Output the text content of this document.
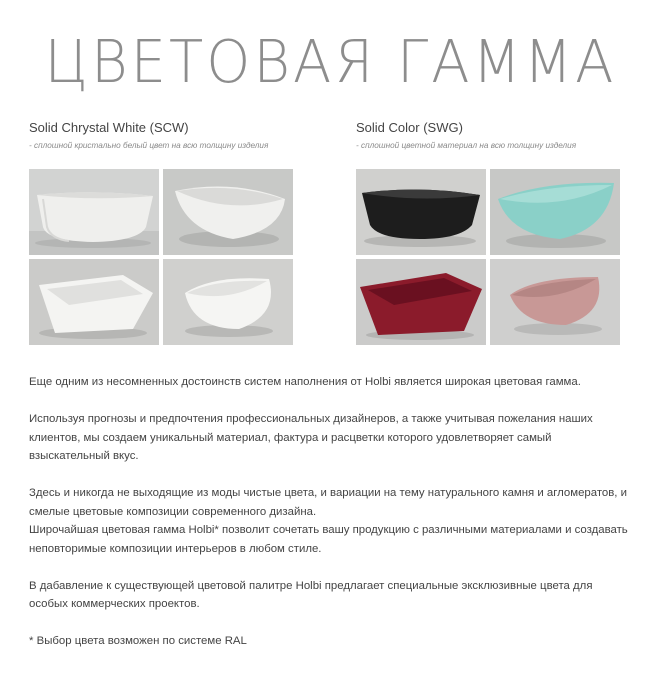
ЦВЕТОВАЯ ГАММА
Solid Chrystal White (SCW)
- сплошной кристально белый цвет на всю толщину изделия
Solid Color (SWG)
- сплошной цветной материал на всю толщину изделия

Еще одним из несомненных достоинств систем наполнения от Holbi является широкая цветовая гамма.

Используя прогнозы и предпочтения профессиональных дизайнеров, а также учитывая пожелания наших клиентов, мы создаем уникальный материал, фактура и расцветки которого удовлетворяет самый взыскательный вкус.

Здесь и никогда не выходящие из моды чистые цвета, и вариации на тему натурального камня и агломератов, и смелые цветовые композиции современного дизайна.

Широчайшая цветовая гамма Holbi* позволит сочетать вашу продукцию с различными материалами и создавать неповторимые композиции интерьеров в любом стиле.

В дабавление к существующей цветовой палитре Holbi предлагает специальные эксклюзивные цвета для особых коммерческих проектов.

* Выбор цвета возможен по системе RAL
